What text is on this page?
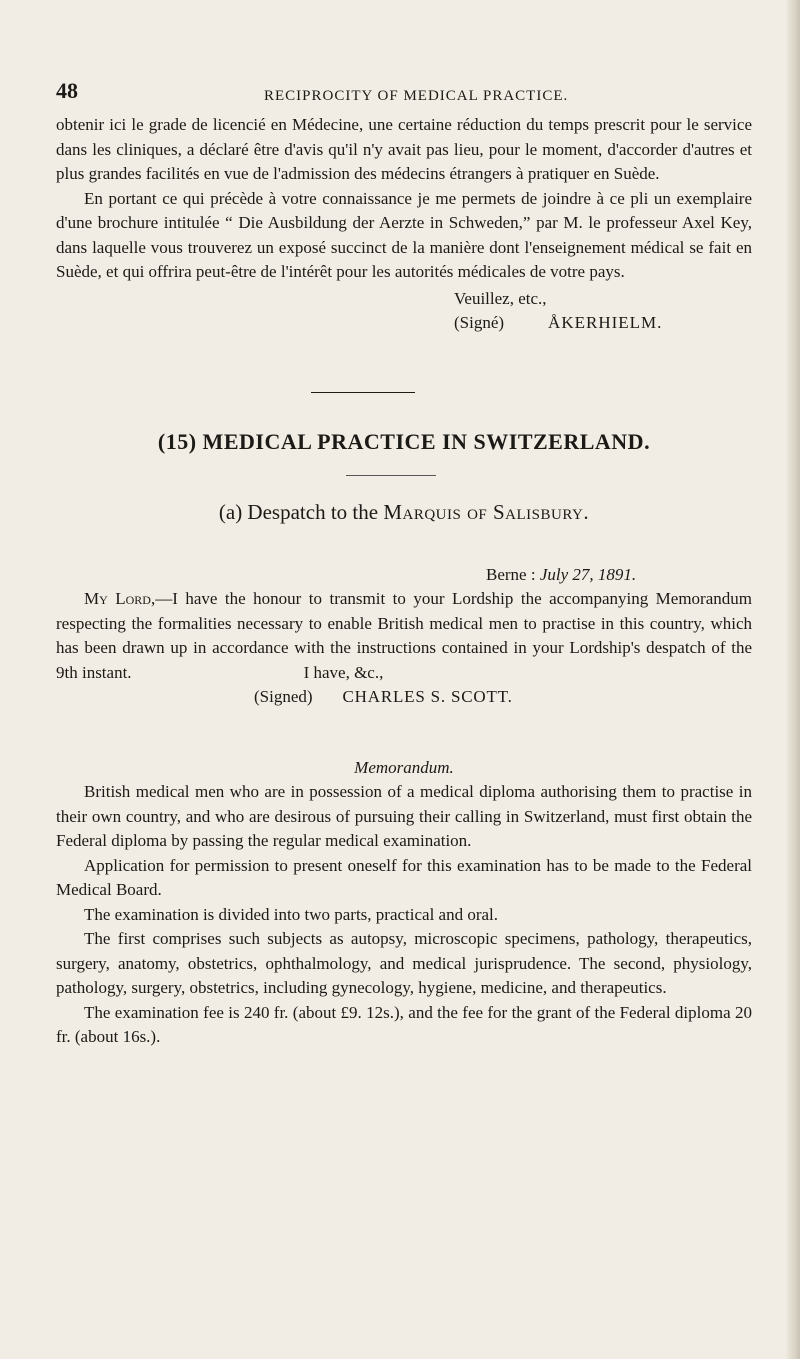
48	RECIPROCITY OF MEDICAL PRACTICE.

obtenir ici le grade de licencié en Médecine, une certaine réduction du temps prescrit pour le service dans les cliniques, a déclaré être d'avis qu'il n'y avait pas lieu, pour le moment, d'accorder d'autres et plus grandes facilités en vue de l'admission des médecins étrangers à pratiquer en Suède.

En portant ce qui précède à votre connaissance je me permets de joindre à ce pli un exemplaire d'une brochure intitulée “ Die Ausbildung der Aerzte in Schweden,” par M. le professeur Axel Key, dans laquelle vous trouverez un exposé succinct de la manière dont l'enseignement médical se fait en Suède, et qui offrira peut-être de l'intérêt pour les autorités médicales de votre pays.

Veuillez, etc.,

(Signé)	ÅKERHIELM.

(15) MEDICAL PRACTICE IN SWITZERLAND.
(a) Despatch to the Marquis of Salisbury.

Berne : July 27, 1891.

My Lord,—I have the honour to transmit to your Lordship the accompanying Memorandum respecting the formalities necessary to enable British medical men to practise in this country, which has been drawn up in accordance with the instructions contained in your Lordship's despatch of the 9th instant.	I have, &c.,

(Signed) CHARLES S. SCOTT.

Memorandum.

British medical men who are in possession of a medical diploma authorising them to practise in their own country, and who are desirous of pursuing their calling in Switzerland, must first obtain the Federal diploma by passing the regular medical examination.

Application for permission to present oneself for this examination has to be made to the Federal Medical Board.

The examination is divided into two parts, practical and oral.

The first comprises such subjects as autopsy, microscopic specimens, pathology, therapeutics, surgery, anatomy, obstetrics, ophthalmology, and medical jurisprudence. The second, physiology, pathology, surgery, obstetrics, including gynecology, hygiene, medicine, and therapeutics.

The examination fee is 240 fr. (about £9. 12s.), and the fee for the grant of the Federal diploma 20 fr. (about 16s.).
